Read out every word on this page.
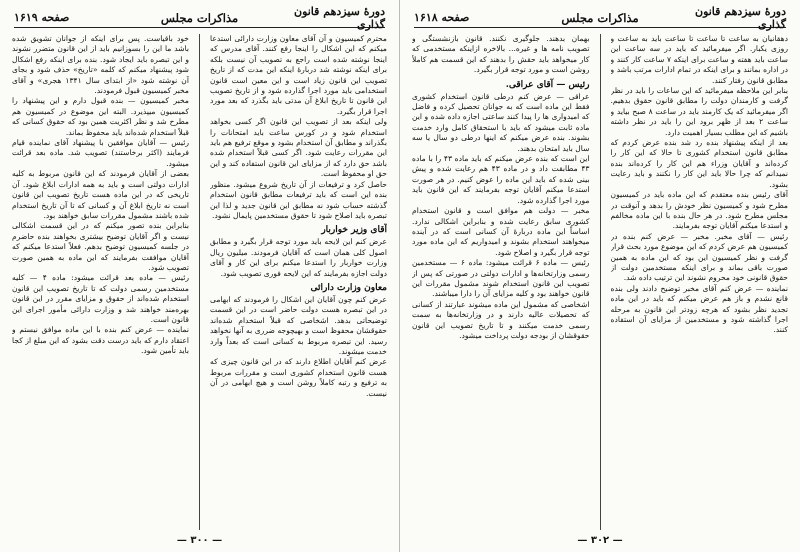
دورهٔ سیزدهم قانون گذاری
مذاکرات مجلس
صفحه ۱۶۱۹

محترم کمیسیون و آن آقای معاون وزارت دارائی استدعا میکنم که این اشکال را اینجا رفع کنند. آقای مدرس که اینجا نوشته شده است راجع به تصویب آن نیست بلکه برای اینکه نوشته شد دربارهٔ اینکه این مدت که از تاریخ تصویب این قانون زیاد است و این معین است قانون استخدامی باید مورد اجرا گذارده شود و از تاریخ تصویب این قانون تا تاریخ ابلاغ آن مدتی باید بگذرد که بعد مورد اجرا قرار بگیرد.

ولی اینکه بعد از تصویب این قانون اگر کسی بخواهد استخدام شود و در کورس ساعت باید امتحانات را بگذراند و مطابق آن استخدام بشود و موقع ترفیع هم باید این مقررات رعایت شود. اگر کسی قبلاً استخدام شده باشد حق دارد که از مزایای این قانون استفاده کند و این حق او محفوظ است.

حاصل کرد و ترفیعات از آن تاریخ شروع میشود. منظور بنده این است که باید ترفیعات مطابق قانون استخدام گذشته حساب شود نه مطابق این قانون جدید و لذا این تبصره باید اصلاح شود تا حقوق مستخدمین پایمال نشود.

آقای وزیر خواربار

عرض کنم این لایحه باید مورد توجه قرار بگیرد و مطابق اصول کلی همان است که آقایان فرمودند. میلیون ریال وزارت خواربار را استدعا میکنم برای این کار و آقای دولت اجازه بفرمایند که این لایحه فوری تصویب شود.

معاون وزارت دارائی

عرض کنم چون آقایان این اشکال را فرمودند که ابهامی در این تبصره هست دولت حاضر است در این قسمت توضیحاتی بدهد. اشخاصی که قبلاً استخدام شده‌اند حقوقشان محفوظ است و بهیچوجه ضرری به آنها نخواهد رسید. این تبصره مربوط به کسانی است که بعداً وارد خدمت میشوند.

عرض کنم آقایان اطلاع دارند که در این قانون چیزی که هست قانون استخدام کشوری است و مقررات مربوط به ترفیع و رتبه کاملاً روشن است و هیچ ابهامی در آن نیست.

خود باقیاست. پس برای اینکه از جوانان تشویق شده باشد ما این را بسوزانیم باید از این قانون متضرر نشوند و این تبصره باید ایجاد شود. بنده برای اینکه رفع اشکال شود پیشنهاد میکنم که کلمه «تاریخ» حذف شود و بجای آن نوشته شود «از ابتدای سال ۱۳۴۱ هجری» و آقای مخبر کمیسیون قبول فرمودند.

مخبر کمیسیون — بنده قبول دارم و این پیشنهاد را کمیسیون میپذیرد. البته این موضوع در کمیسیون هم مطرح شد و نظر اکثریت همین بود که حقوق کسانی که قبلاً استخدام شده‌اند باید محفوظ بماند.

رئیس — آقایان موافقین با پیشنهاد آقای نماینده قیام فرمایند (اکثر برخاستند) تصویب شد. ماده بعد قرائت میشود.

بعضی از آقایان فرمودند که این قانون مربوط به کلیه ادارات دولتی است و باید به همه ادارات ابلاغ شود. آن تاریخی که در این ماده هست تاریخ تصویب این قانون است نه تاریخ ابلاغ آن و کسانی که تا آن تاریخ استخدام شده باشند مشمول مقررات سابق خواهند بود.

بنابراین بنده تصور میکنم که در این قسمت اشکالی نیست و اگر آقایان توضیح بیشتری بخواهند بنده حاضرم در جلسه کمیسیون توضیح بدهم. فعلاً استدعا میکنم که آقایان موافقت بفرمایند که این ماده به همین صورت تصویب شود.

رئیس — ماده بعد قرائت میشود: ماده ۴ — کلیه مستخدمین رسمی دولت که تا تاریخ تصویب این قانون استخدام شده‌اند از حقوق و مزایای مقرر در این قانون بهره‌مند خواهند شد و وزارت دارائی مأمور اجرای این قانون است.

نماینده — عرض کنم بنده با این ماده موافق نیستم و اعتقاد دارم که باید درست دقت بشود که این مبلغ از کجا باید تأمین شود.

— ۳۰۰ —
دورهٔ سیزدهم قانون گذاری
مذاکرات مجلس
صفحه ۱۶۱۸

دهقانیان به ساعت تا ساعت تا ساعت باید به ساعت و روزی یکبار. اگر میفرمائید که باید در سه ساعت این ساعت باید هفته و ساعت برای اینکه ۷ ساعت کار کنند و در اداره بمانند و برای اینکه در تمام ادارات مرتب باشد و مطابق قانون رفتار کنند.

بنابر این ملاحظه میفرمائید که این ساعات را باید در نظر گرفت و کارمندان دولت را مطابق قانون حقوق بدهیم. اگر میفرمائید که یک کارمند باید در ساعت ۸ صبح بیاید و ساعت ۲ بعد از ظهر برود این را باید در نظر داشته باشیم که این مطلب بسیار اهمیت دارد.

بعد از اینکه پیشنهاد بنده رد شد بنده عرض کردم که مطابق قانون استخدام کشوری تا حالا که این کار را کرده‌اند و آقایان وزراء هم این کار را کرده‌اند بنده نمیدانم که چرا حالا باید این کار را نکنند و باید رعایت بشود.

آقای رئیس بنده معتقدم که این ماده باید در کمیسیون مطرح شود و کمیسیون نظر خودش را بدهد و آنوقت در مجلس مطرح شود. در هر حال بنده با این ماده مخالفم و استدعا میکنم آقایان توجه بفرمایند.

رئیس — آقای مخبر. مخبر — عرض کنم بنده در کمیسیون هم عرض کردم که این موضوع مورد بحث قرار گرفت و نظر کمیسیون این بود که این ماده به همین صورت باقی بماند و برای اینکه مستخدمین دولت از حقوق قانونی خود محروم نشوند این ترتیب داده شد.

نماینده — عرض کنم آقای مخبر توضیح دادند ولی بنده قانع نشدم و باز هم عرض میکنم که باید در این ماده تجدید نظر بشود که هرچه زودتر این قانون به مرحله اجرا گذاشته شود و مستخدمین از مزایای آن استفاده کنند.

بهمان بدهند. جلوگیری نکنند. قانون بازنشستگی و تصویب نامه ها و غیره... بالاخره ازاینکه مستخدمی که کار میخواهد باید حقش را بدهند که این قسمت هم کاملاً روشن است و مورد توجه قرار بگیرد.

رئیس — آقای عراقی.

عراقی — عرض کنم درطی قانون استخدام کشوری فقط این ماده است که به جوانان تحصیل کرده و فاضل که امیدواری ها را پیدا کنند ساعتی اجازه داده شده و این ماده ثابت میشود که باید با استحقاق کامل وارد خدمت بشوند. بنده عرض میکنم که اینها درطی دو سال یا سه سال باید امتحان بدهند.

این است که بنده عرض میکنم که باید ماده ۴۳ را با ماده ۴۳ مطابقت داد و در ماده ۴۳ هم رعایت شده و پیش بینی شده که باید این ماده را عوض کنیم. در هر صورت استدعا میکنم آقایان توجه بفرمایند که این قانون باید مورد اجرا گذارده شود.

مخبر — دولت هم موافق است و قانون استخدام کشوری سابق رعایت شده و بنابراین اشکالی ندارد. اساساً این ماده دربارهٔ آن کسانی است که در آینده میخواهند استخدام بشوند و امیدواریم که این ماده مورد توجه قرار بگیرد و اصلاح شود.

رئیس — ماده ۶ قرائت میشود: ماده ۶ — مستخدمین رسمی وزارتخانه‌ها و ادارات دولتی در صورتی که پس از تصویب این قانون استخدام شوند مشمول مقررات این قانون خواهند بود و کلیه مزایای آن را دارا میباشند.

اشخاصی که مشمول این ماده میشوند عبارتند از کسانی که تحصیلات عالیه دارند و در وزارتخانه‌ها به سمت رسمی خدمت میکنند و تا تاریخ تصویب این قانون حقوقشان از بودجه دولت پرداخت میشود.

— ۳۰۲ —
